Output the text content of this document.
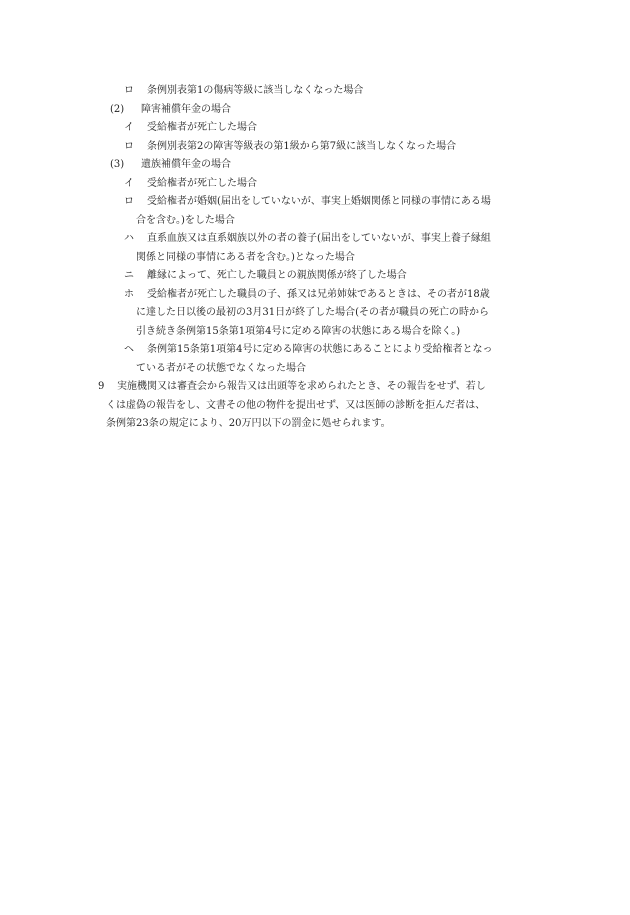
ロ 条例別表第1の傷病等級に該当しなくなった場合
(2) 障害補償年金の場合
イ 受給権者が死亡した場合
ロ 条例別表第2の障害等級表の第1級から第7級に該当しなくなった場合
(3) 遺族補償年金の場合
イ 受給権者が死亡した場合
ロ 受給権者が婚姻(届出をしていないが、事実上婚姻関係と同様の事情にある場
合を含む。)をした場合
ハ 直系血族又は直系姻族以外の者の養子(届出をしていないが、事実上養子縁組
関係と同様の事情にある者を含む。)となった場合
ニ 離縁によって、死亡した職員との親族関係が終了した場合
ホ 受給権者が死亡した職員の子、孫又は兄弟姉妹であるときは、その者が18歳
に達した日以後の最初の3月31日が終了した場合(その者が職員の死亡の時から
引き続き条例第15条第1項第4号に定める障害の状態にある場合を除く。)
ヘ 条例第15条第1項第4号に定める障害の状態にあることにより受給権者となっ
ている者がその状態でなくなった場合
9 実施機関又は審査会から報告又は出頭等を求められたとき、その報告をせず、若し
くは虚偽の報告をし、文書その他の物件を提出せず、又は医師の診断を拒んだ者は、
条例第23条の規定により、20万円以下の罰金に処せられます。
